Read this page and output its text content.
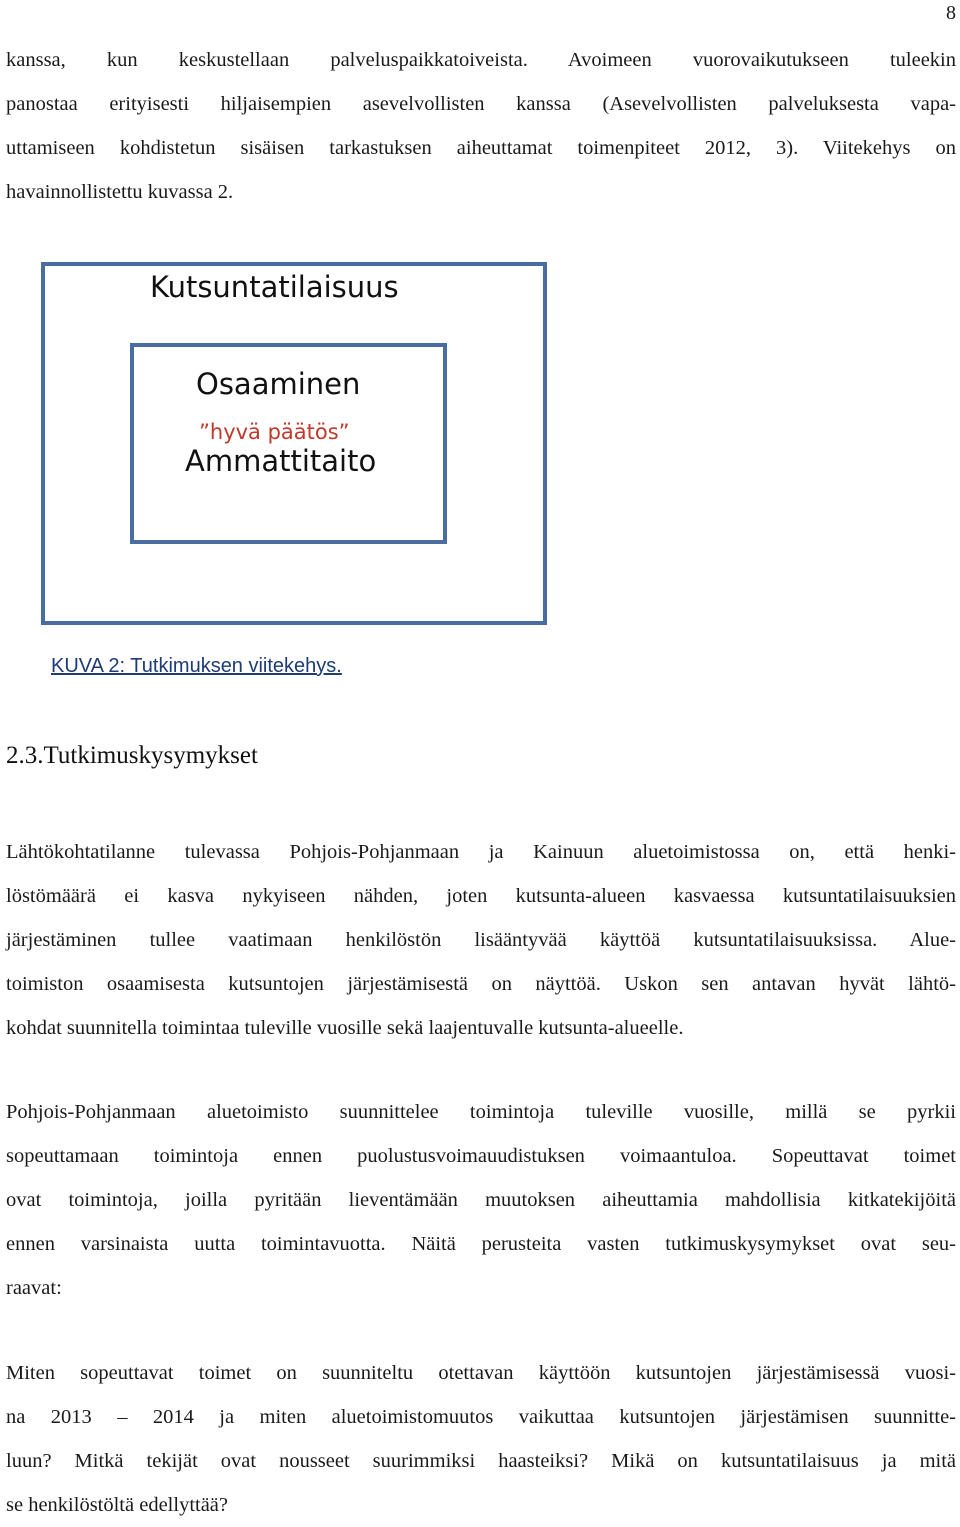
8

kanssa, kun keskustellaan palveluspaikkatoiveista. Avoimeen vuorovaikutukseen tuleekin
panostaa erityisesti hiljaisempien asevelvollisten kanssa (Asevelvollisten palveluksesta vapa-
uttamiseen kohdistetun sisäisen tarkastuksen aiheuttamat toimenpiteet 2012, 3). Viitekehys on
havainnollistettu kuvassa 2.

Kutsuntatilaisuus
Osaaminen
”hyvä päätös”
Ammattitaito
KUVA 2: Tutkimuksen viitekehys.
2.3.Tutkimuskysymykset

Lähtökohtatilanne tulevassa Pohjois-Pohjanmaan ja Kainuun aluetoimistossa on, että henki-
löstömäärä ei kasva nykyiseen nähden, joten kutsunta-alueen kasvaessa kutsuntatilaisuuksien
järjestäminen tullee vaatimaan henkilöstön lisääntyvää käyttöä kutsuntatilaisuuksissa. Alue-
toimiston osaamisesta kutsuntojen järjestämisestä on näyttöä. Uskon sen antavan hyvät lähtö-
kohdat suunnitella toimintaa tuleville vuosille sekä laajentuvalle kutsunta-alueelle.

Pohjois-Pohjanmaan aluetoimisto suunnittelee toimintoja tuleville vuosille, millä se pyrkii
sopeuttamaan toimintoja ennen puolustusvoimauudistuksen voimaantuloa. Sopeuttavat toimet
ovat toimintoja, joilla pyritään lieventämään muutoksen aiheuttamia mahdollisia kitkatekijöitä
ennen varsinaista uutta toimintavuotta. Näitä perusteita vasten tutkimuskysymykset ovat seu-
raavat:

Miten sopeuttavat toimet on suunniteltu otettavan käyttöön kutsuntojen järjestämisessä vuosi-
na 2013 – 2014 ja miten aluetoimistomuutos vaikuttaa kutsuntojen järjestämisen suunnitte-
luun? Mitkä tekijät ovat nousseet suurimmiksi haasteiksi? Mikä on kutsuntatilaisuus ja mitä
se henkilöstöltä edellyttää?
